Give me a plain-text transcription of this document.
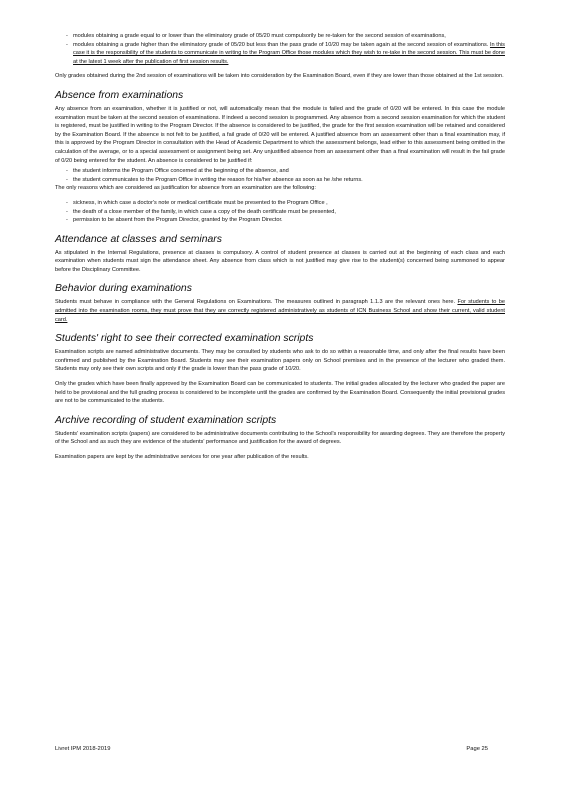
- modules obtaining a grade equal to or lower than the eliminatory grade of 05/20 must compulsorily be re-taken for the second session of examinations,

- modules obtaining a grade higher than the eliminatory grade of 05/20 but less than the pass grade of 10/20 may be taken again at the second session of examinations. In this case it is the responsibility of the students to communicate in writing to the Program Office those modules which they wish to re-take in the second session. This must be done at the latest 1 week after the publication of first session results.

Only grades obtained during the 2nd session of examinations will be taken into consideration by the Examination Board, even if they are lower than those obtained at the 1st session.

Absence from examinations

Any absence from an examination, whether it is justified or not, will automatically mean that the module is failed and the grade of 0/20 will be entered. In this case the module examination must be taken at the second session of examinations. If indeed a second session is programmed. Any absence from a second session examination for which the student is registered, must be justified in writing to the Program Director. If the absence is considered to be justified, the grade for the first session examination will be retained and considered by the Examination Board. If the absence is not felt to be justified, a fail grade of 0/20 will be entered. A justified absence from an assessment other than a final examination may, if this is approved by the Program Director in consultation with the Head of Academic Department to which the assessment belongs, lead either to this assessment being omitted in the calculation of the average, or to a special assessment or assignment being set. Any unjustified absence from an assessment other than a final examination will result in the fail grade of 0/20 being entered for the student. An absence is considered to be justified if:

- the student informs the Program Office concerned at the beginning of the absence, and

- the student communicates to the Program Office in writing the reason for his/her absence as soon as he /she returns.

The only reasons which are considered as justification for absence from an examination are the following:

- sickness, in which case a doctor's note or medical certificate must be presented to the Program Office ,

- the death of a close member of the family, in which case a copy of the death certificate must be presented,

- permission to be absent from the Program Director, granted by the Program Director.

Attendance at classes and seminars

As stipulated in the Internal Regulations, presence at classes is compulsory. A control of student presence at classes is carried out at the beginning of each class and each examination when students must sign the attendance sheet. Any absence from class which is not justified may give rise to the student(s) concerned being summoned to appear before the Disciplinary Committee.

Behavior during examinations

Students must behave in compliance with the General Regulations on Examinations. The measures outlined in paragraph 1.1.3 are the relevant ones here. For students to be admitted into the examination rooms, they must prove that they are correctly registered administratively as students of ICN Business School and show their current, valid student card.

Students' right to see their corrected examination scripts

Examination scripts are named administrative documents. They may be consulted by students who ask to do so within a reasonable time, and only after the final results have been confirmed and published by the Examination Board. Students may see their examination papers only on School premises and in the presence of the lecturer who graded them. Students may only see their own scripts and only if the grade is lower than the pass grade of 10/20.

Only the grades which have been finally approved by the Examination Board can be communicated to students. The initial grades allocated by the lecturer who graded the paper are held to be provisional and the full grading process is considered to be incomplete until the grades are confirmed by the Examination Board. Consequently the initial provisional grades are not to be communicated to the students.

Archive recording of student examination scripts

Students' examination scripts (papers) are considered to be administrative documents contributing to the School's responsibility for awarding degrees. They are therefore the property of the School and as such they are evidence of the students' performance and justification for the award of degrees.

Examination papers are kept by the administrative services for one year after publication of the results.

Livret IPM 2018-2019	Page 25
